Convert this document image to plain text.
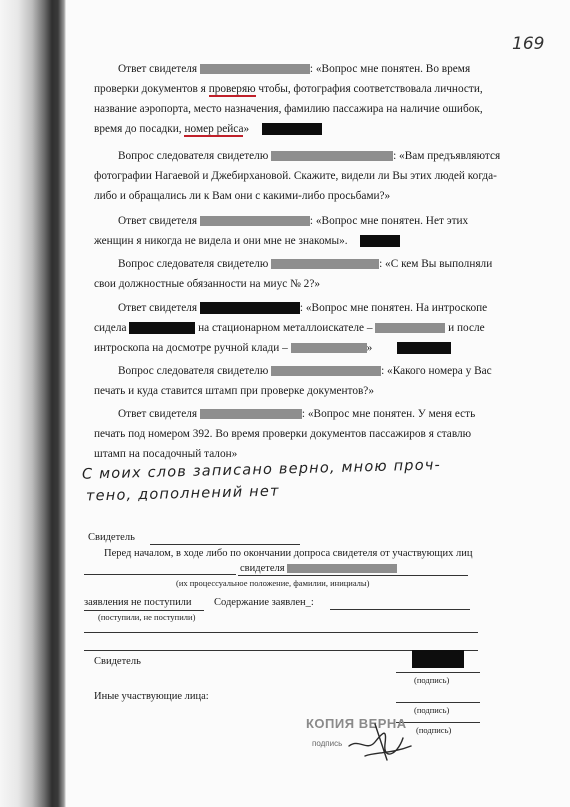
169
Ответ свидетеля	: «Вопрос мне понятен. Во время
проверки документов я проверяю чтобы, фотография соответствовала личности,
название аэропорта, место назначения, фамилию пассажира на наличие ошибок,
время до посадки, номер рейса»
Вопрос следователя свидетелю	: «Вам предъявляются
фотографии Нагаевой и Джебирхановой. Скажите, видели ли Вы этих людей когда-
либо и обращались ли к Вам они с какими-либо просьбами?»
Ответ свидетеля	: «Вопрос мне понятен. Нет этих
женщин я никогда не видела и они мне не знакомы».
Вопрос следователя свидетелю	: «С кем Вы выполняли
свои должностные обязанности на миус № 2?»
Ответ свидетеля	: «Вопрос мне понятен. На интроскопе
сидела	на стационарном металлоискателе –	и после
интроскопа на досмотре ручной клади –	»
Вопрос следователя свидетелю	: «Какого номера у Вас
печать и куда ставится штамп при проверке документов?»
Ответ свидетеля	: «Вопрос мне понятен. У меня есть
печать под номером 392. Во время проверки документов пассажиров я ставлю
штамп на посадочный талон»
С моих слов записано верно, мною проч-
тено, дополнений нет
Свидетель
Перед началом, в ходе либо по окончании допроса свидетеля от участвующих лиц
свидетеля
(их процессуальное положение, фамилии, инициалы)
заявления не поступили Содержание заявлен_:
(поступили, не поступили)
Свидетель
(подпись)
Иные участвующие лица:
(подпись)
(подпись)
КОПИЯ ВЕРНА
подпись
